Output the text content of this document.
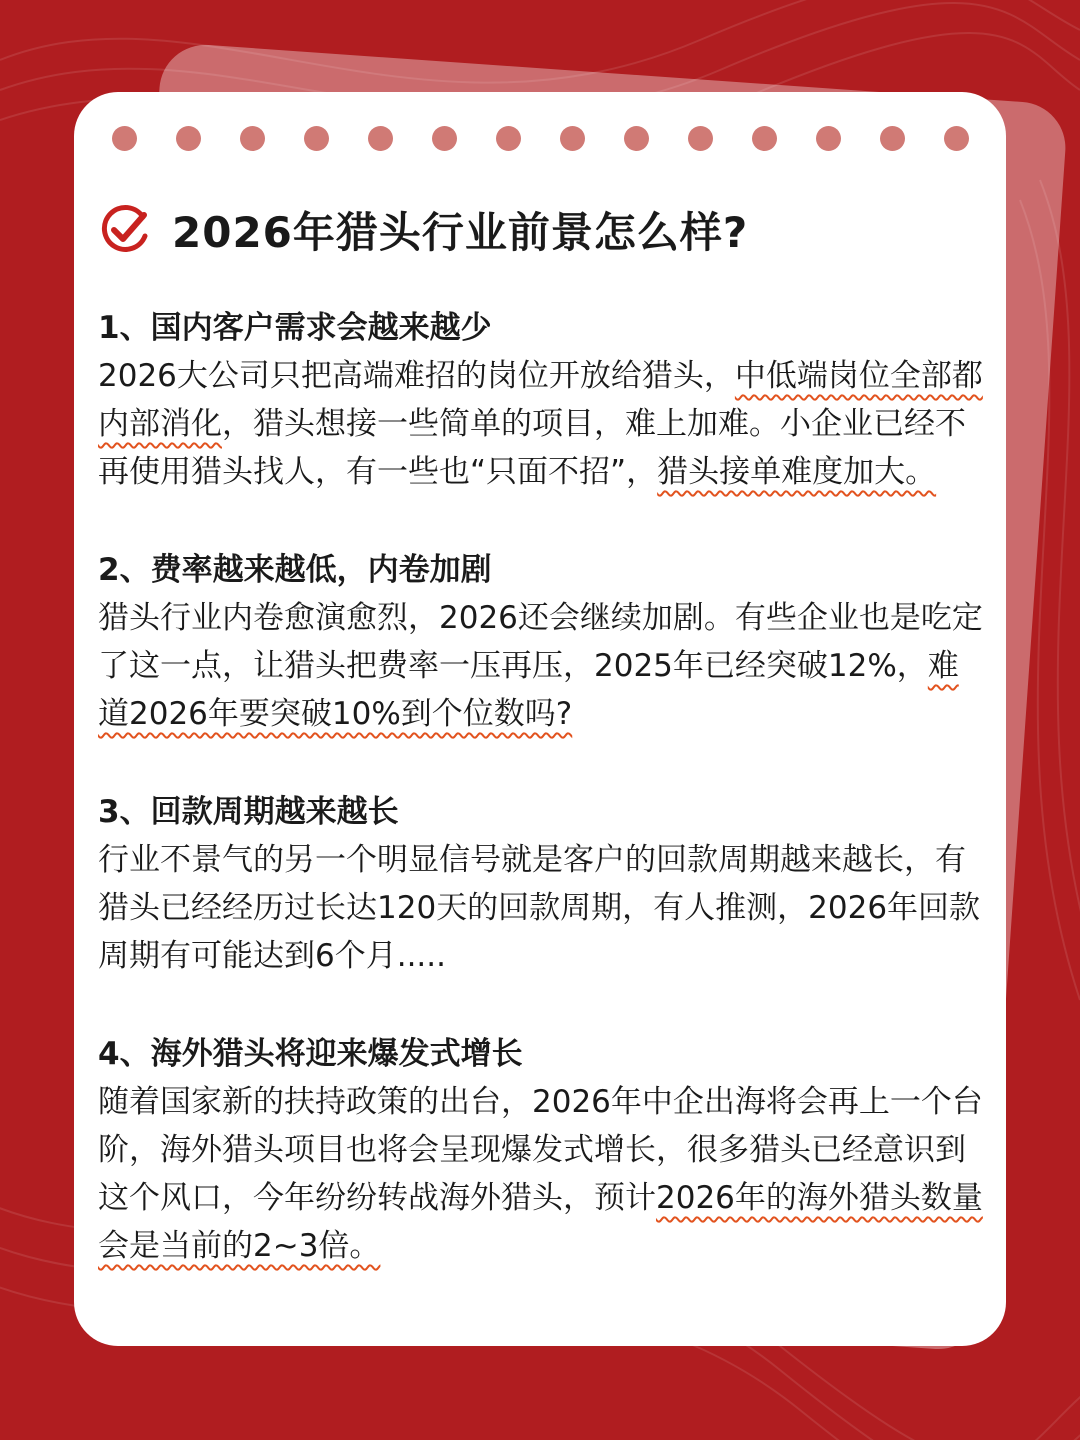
2026年猎头行业前景怎么样?
1、国内客户需求会越来越少
2026大公司只把高端难招的岗位开放给猎头，中低端岗位全部都内部消化，猎头想接一些简单的项目，难上加难。小企业已经不再使用猎头找人，有一些也“只面不招”，猎头接单难度加大。
2、费率越来越低，内卷加剧
猎头行业内卷愈演愈烈，2026还会继续加剧。有些企业也是吃定了这一点，让猎头把费率一压再压，2025年已经突破12%，难道2026年要突破10%到个位数吗?
3、回款周期越来越长
行业不景气的另一个明显信号就是客户的回款周期越来越长，有猎头已经经历过长达120天的回款周期，有人推测，2026年回款周期有可能达到6个月.....
4、海外猎头将迎来爆发式增长
随着国家新的扶持政策的出台，2026年中企出海将会再上一个台阶，海外猎头项目也将会呈现爆发式增长，很多猎头已经意识到这个风口，今年纷纷转战海外猎头，预计2026年的海外猎头数量会是当前的2~3倍。
